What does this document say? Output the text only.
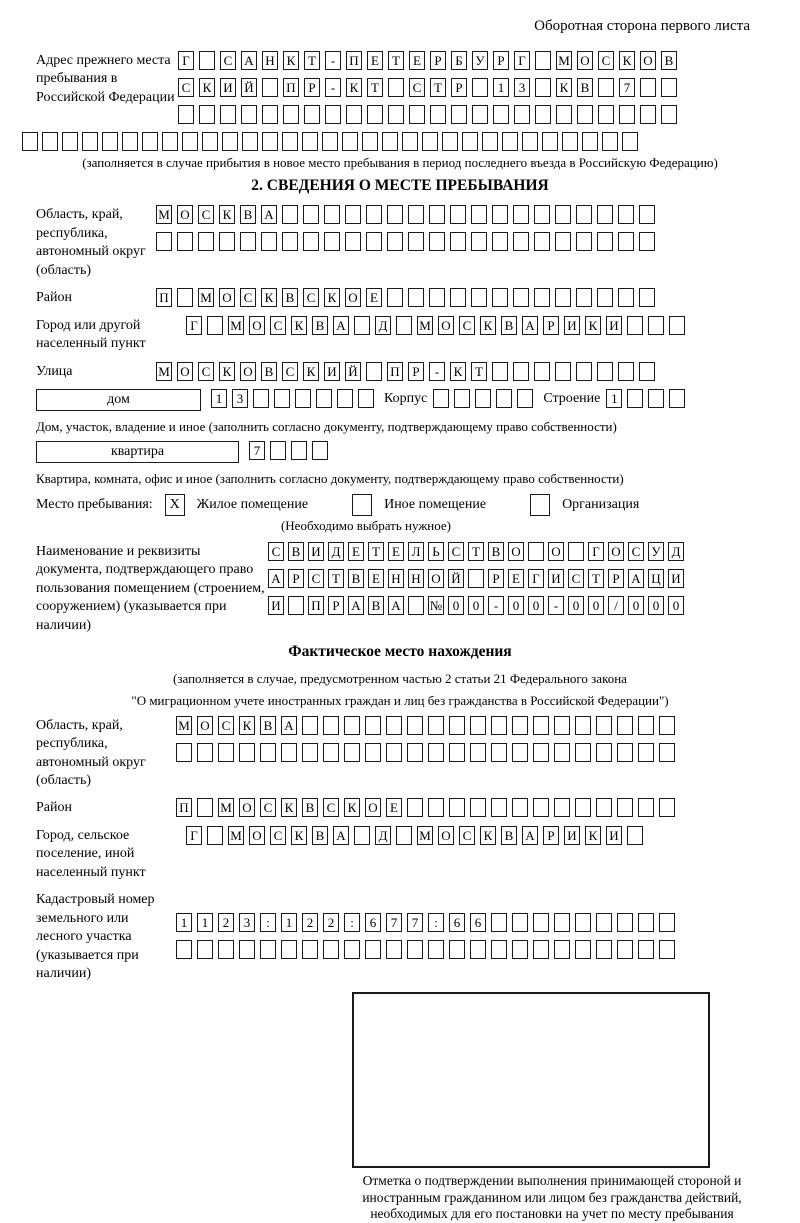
Оборотная сторона первого листа
Адрес прежнего места пребывания в Российской Федерации
Г	С А Н К Т	-	П Е	Т	Е	Р	Б У Р	Г	М О С К О В
С К И Й	П Р	-	К Т	С Т	Р	1	3	К В	7
(заполняется в случае прибытия в новое место пребывания в период последнего въезда в Российскую Федерацию)
2. СВЕДЕНИЯ О МЕСТЕ ПРЕБЫВАНИЯ
Область, край, республика, автономный округ (область)
М О С К В А
Район	П М О С К В С К О Е
Город или другой населенный пункт
Г	М О С К В А	Д М О С К В А Р И К И
Улица	М О С К О В С К И Й	П Р	-	К Т
дом	1	3	Корпус	Строение 1
Дом, участок, владение и иное (заполнить согласно документу, подтверждающему право собственности)
квартира	7
Квартира, комната, офис и иное (заполнить согласно документу, подтверждающему право собственности)
Место пребывания:	X	Жилое помещение	Иное помещение	Организация
(Необходимо выбрать нужное)
Наименование и реквизиты документа, подтверждающего право пользования помещением (строением, сооружением) (указывается при наличии)
С В И Д Е Т Е Л Ь С Т В О О	Г О С У Д
А Р С Т В Е Н Н О Й	Р Е Г И С Т Р А Ц И
И П Р А В А № 0	0	-	0	0	-	0	0	/	0	0	0
Фактическое место нахождения
(заполняется в случае, предусмотренном частью 2 статьи 21 Федерального закона
"О миграционном учете иностранных граждан и лиц без гражданства в Российской Федерации")
Область, край, республика, автономный округ (область)
М О С К В А
Район	П М О С К В С К О Е
Город, сельское поселение, иной населенный пункт
Г	М О С К В А	Д М О С К В А Р И К И
Кадастровый номер земельного или лесного участка (указывается при наличии)
1	1	2	3	:	1	2	2	:	6	7	7	:	6	6
Отметка о подтверждении выполнения принимающей стороной и иностранным гражданином или лицом без гражданства действий, необходимых для его постановки на учет по месту пребывания
